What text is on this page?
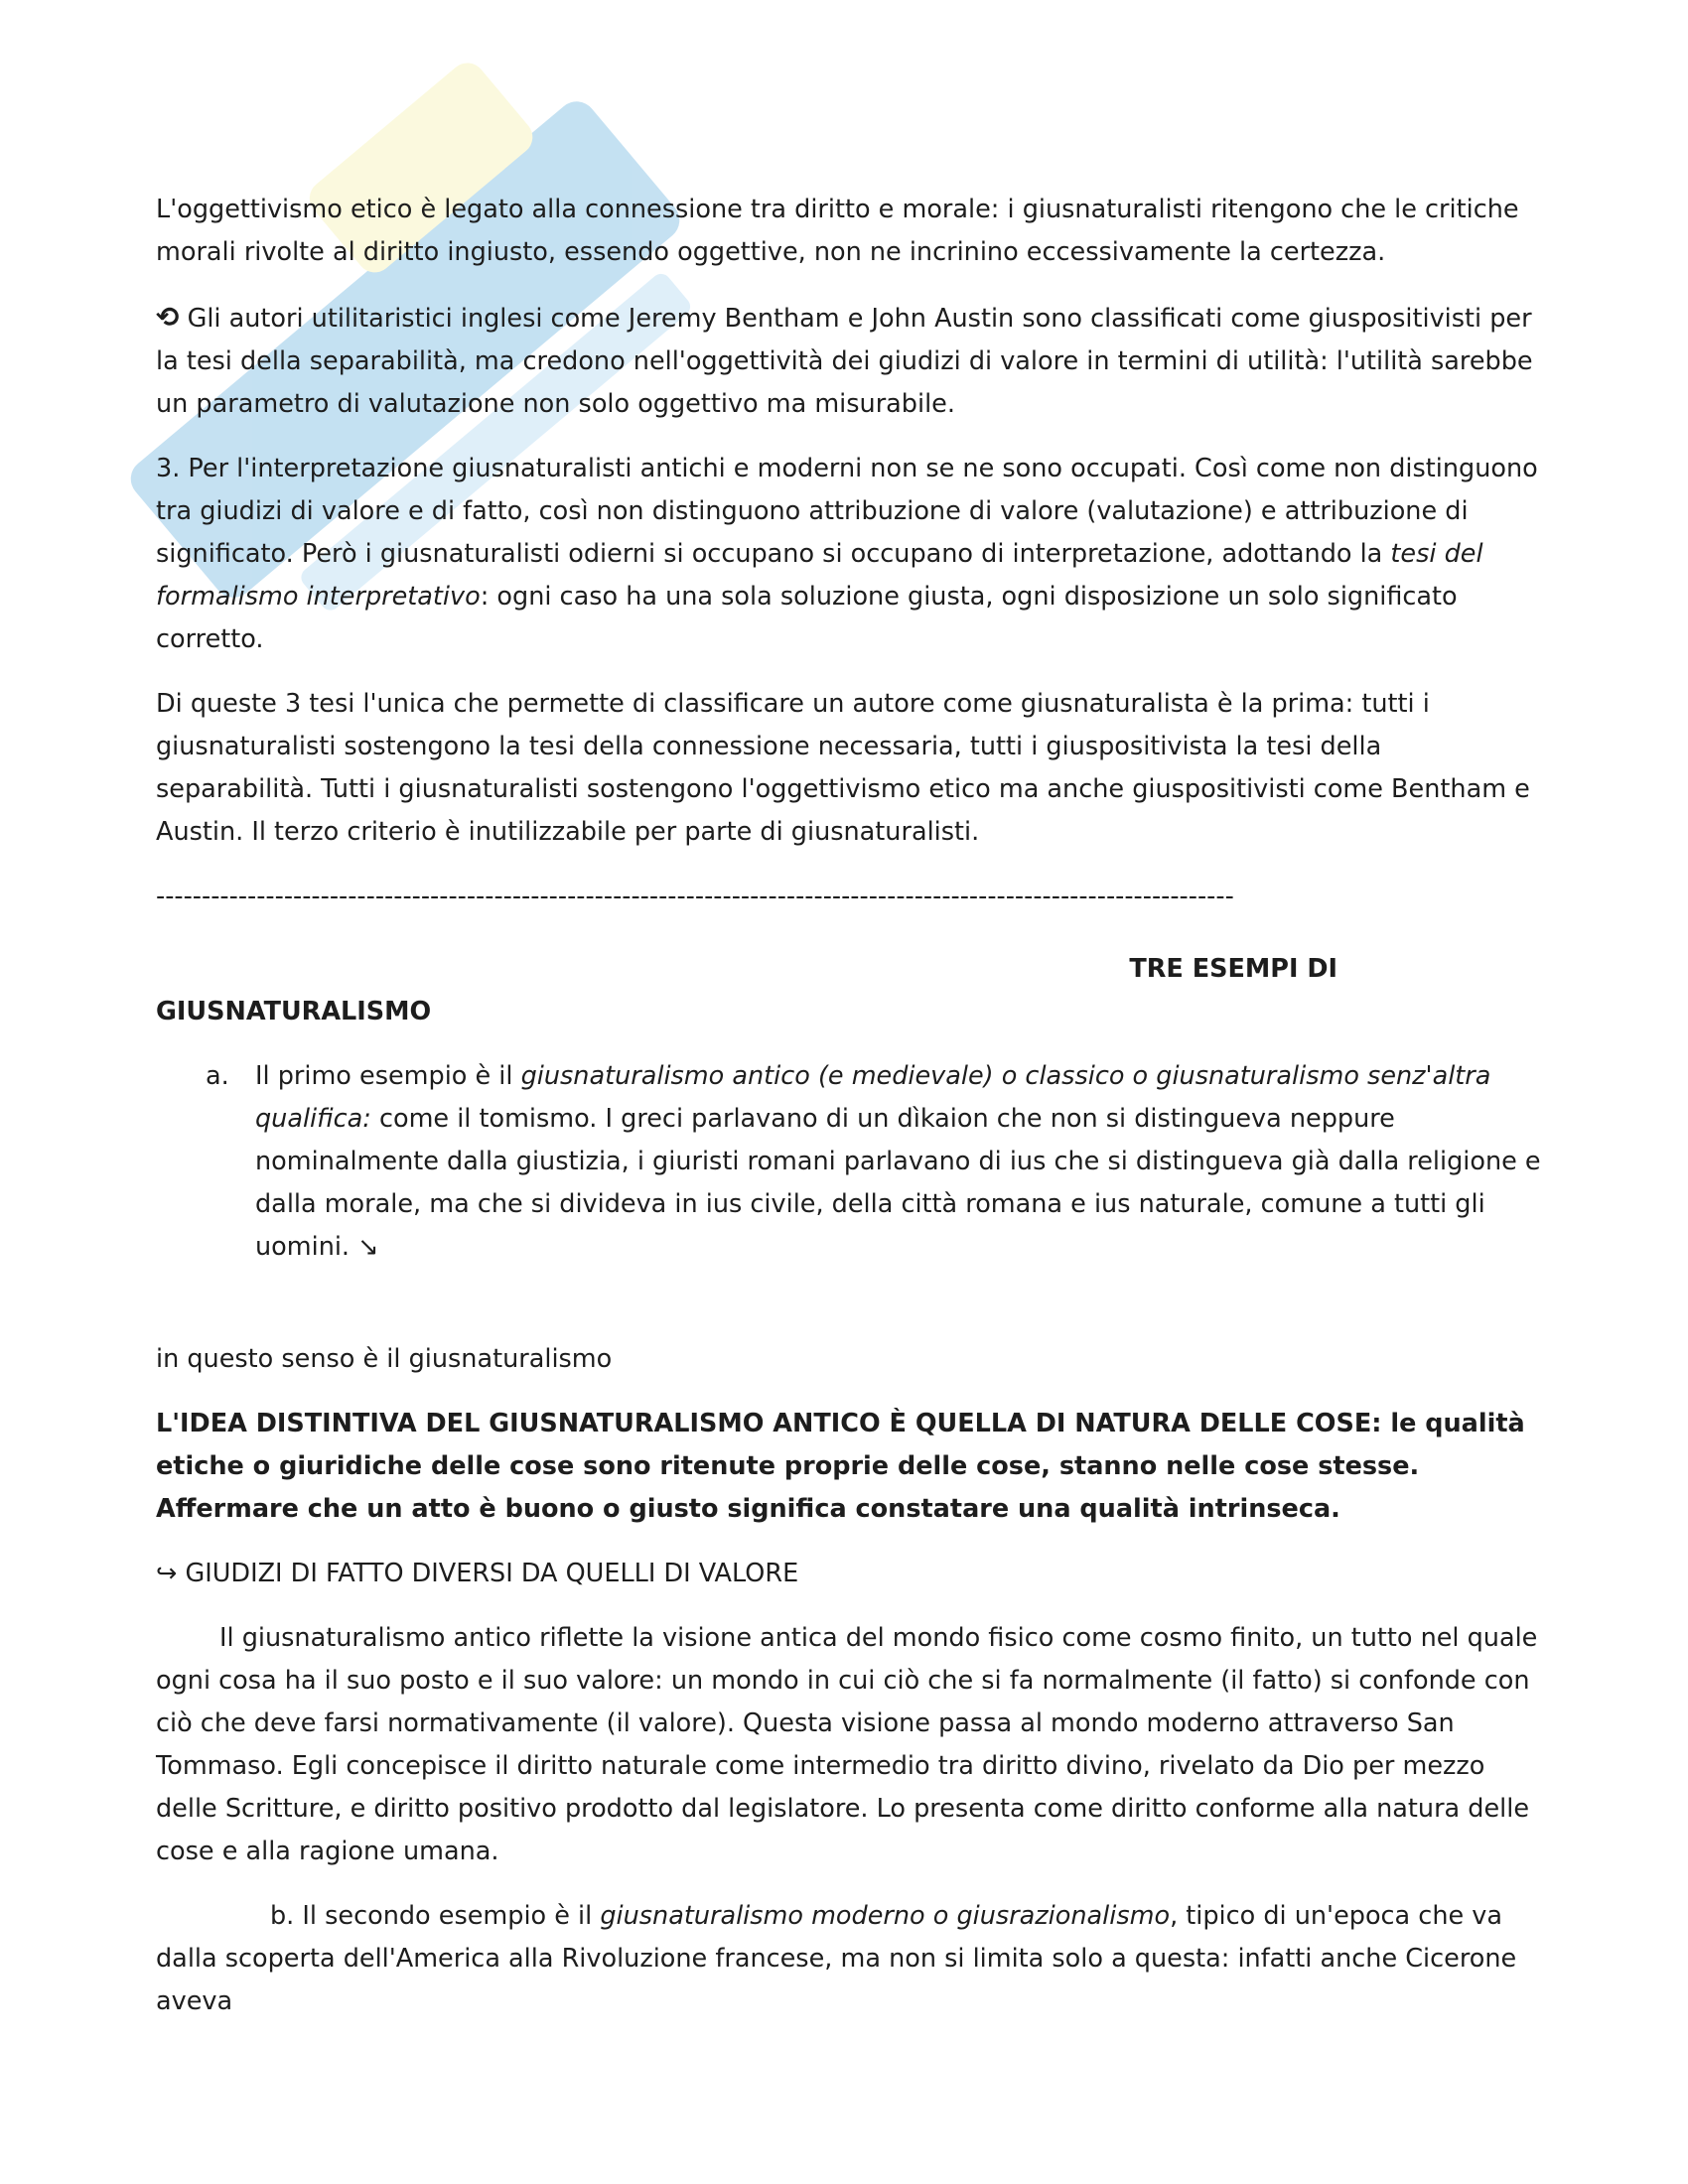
L'oggettivismo etico è legato alla connessione tra diritto e morale: i giusnaturalisti ritengono che le critiche morali rivolte al diritto ingiusto, essendo oggettive, non ne incrinino eccessivamente la certezza.

⟲ Gli autori utilitaristici inglesi come Jeremy Bentham e John Austin sono classificati come giuspositivisti per la tesi della separabilità, ma credono nell'oggettività dei giudizi di valore in termini di utilità: l'utilità sarebbe un parametro di valutazione non solo oggettivo ma misurabile.

3. Per l'interpretazione giusnaturalisti antichi e moderni non se ne sono occupati. Così come non distinguono tra giudizi di valore e di fatto, così non distinguono attribuzione di valore (valutazione) e attribuzione di significato. Però i giusnaturalisti odierni si occupano si occupano di interpretazione, adottando la tesi del formalismo interpretativo: ogni caso ha una sola soluzione giusta, ogni disposizione un solo significato corretto.

Di queste 3 tesi l'unica che permette di classificare un autore come giusnaturalista è la prima: tutti i giusnaturalisti sostengono la tesi della connessione necessaria, tutti i giuspositivista la tesi della separabilità. Tutti i giusnaturalisti sostengono l'oggettivismo etico ma anche giuspositivisti come Bentham e Austin. Il terzo criterio è inutilizzabile per parte di giusnaturalisti.

----------------------------------------------------------------------------------------------------------------------

TRE ESEMPI DI

GIUSNATURALISMO

a. Il primo esempio è il giusnaturalismo antico (e medievale) o classico o giusnaturalismo senz'altra qualifica: come il tomismo. I greci parlavano di un dìkaion che non si distingueva neppure nominalmente dalla giustizia, i giuristi romani parlavano di ius che si distingueva già dalla religione e dalla morale, ma che si divideva in ius civile, della città romana e ius naturale, comune a tutti gli uomini. ↘

in questo senso è il giusnaturalismo

L'IDEA DISTINTIVA DEL GIUSNATURALISMO ANTICO È QUELLA DI NATURA DELLE COSE: le qualità etiche o giuridiche delle cose sono ritenute proprie delle cose, stanno nelle cose stesse. Affermare che un atto è buono o giusto significa constatare una qualità intrinseca.

↪ GIUDIZI DI FATTO DIVERSI DA QUELLI DI VALORE

Il giusnaturalismo antico riflette la visione antica del mondo fisico come cosmo finito, un tutto nel quale ogni cosa ha il suo posto e il suo valore: un mondo in cui ciò che si fa normalmente (il fatto) si confonde con ciò che deve farsi normativamente (il valore). Questa visione passa al mondo moderno attraverso San Tommaso. Egli concepisce il diritto naturale come intermedio tra diritto divino, rivelato da Dio per mezzo delle Scritture, e diritto positivo prodotto dal legislatore. Lo presenta come diritto conforme alla natura delle cose e alla ragione umana.

b. Il secondo esempio è il giusnaturalismo moderno o giusrazionalismo, tipico di un'epoca che va dalla scoperta dell'America alla Rivoluzione francese, ma non si limita solo a questa: infatti anche Cicerone aveva
